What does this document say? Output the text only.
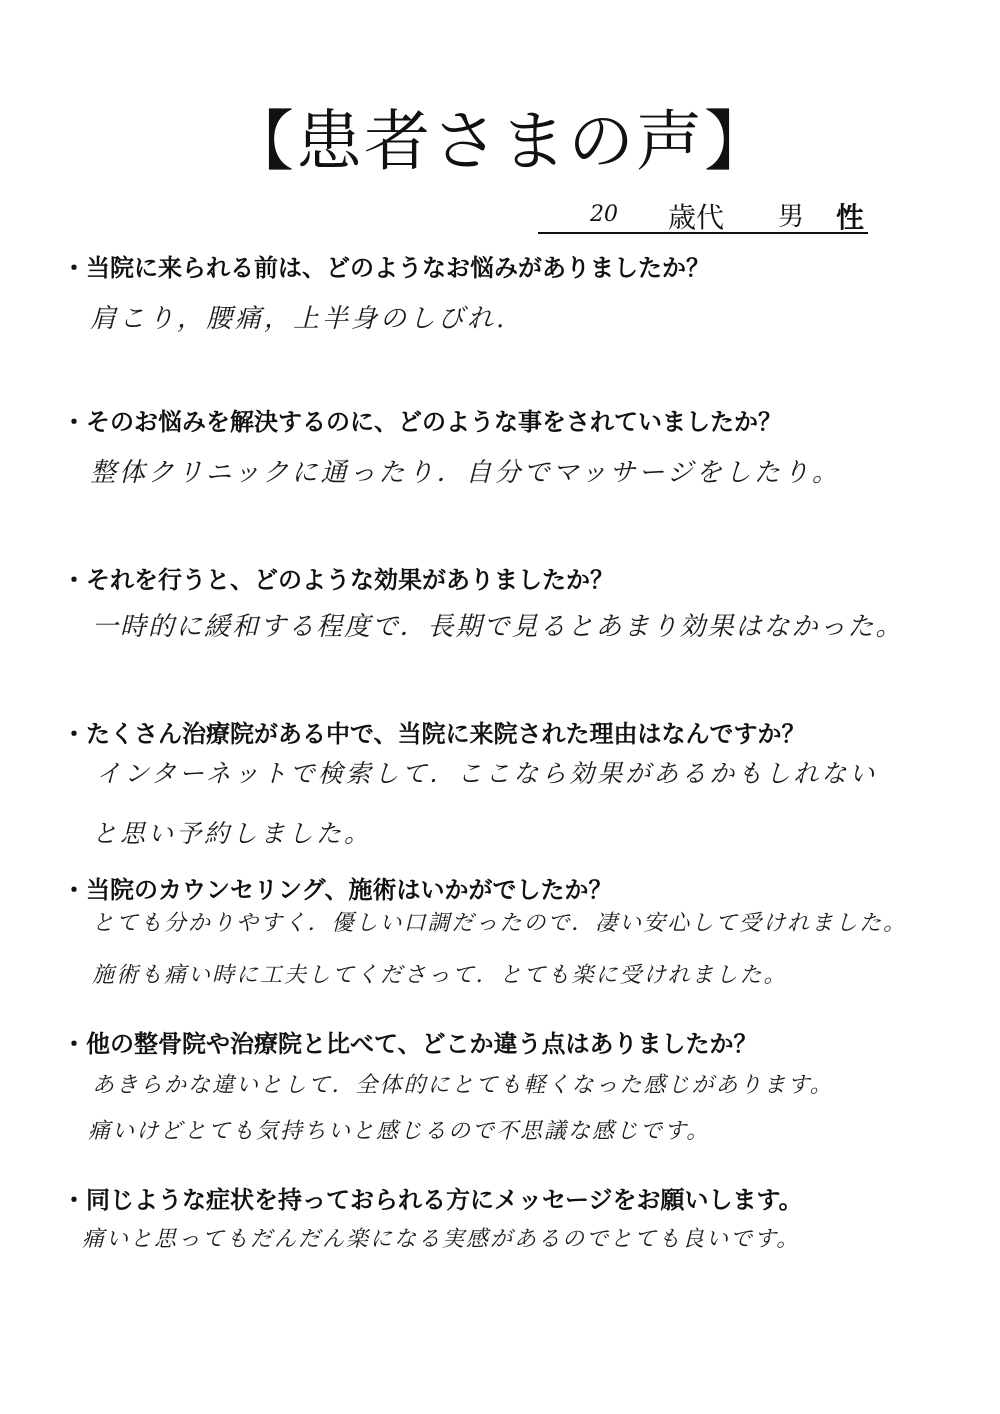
【患者さまの声】
20 歳代 男 性
・当院に来られる前は、どのようなお悩みがありましたか？
肩こり，腰痛，上半身のしびれ.
・そのお悩みを解決するのに、どのような事をされていましたか？
整体クリニックに通ったり．自分でマッサージをしたり。
・それを行うと、どのような効果がありましたか？
一時的に緩和する程度で．長期で見るとあまり効果はなかった。
・たくさん治療院がある中で、当院に来院された理由はなんですか？
インターネットで検索して．ここなら効果があるかもしれない
と思い予約しました。
・当院のカウンセリング、施術はいかがでしたか？
とても分かりやすく．優しい口調だったので．凄い安心して受けれました。
施術も痛い時に工夫してくださって．とても楽に受けれました。
・他の整骨院や治療院と比べて、どこか違う点はありましたか？
あきらかな違いとして．全体的にとても軽くなった感じがあります。
痛いけどとても気持ちいと感じるので不思議な感じです。
・同じような症状を持っておられる方にメッセージをお願いします。
痛いと思ってもだんだん楽になる実感があるのでとても良いです。
